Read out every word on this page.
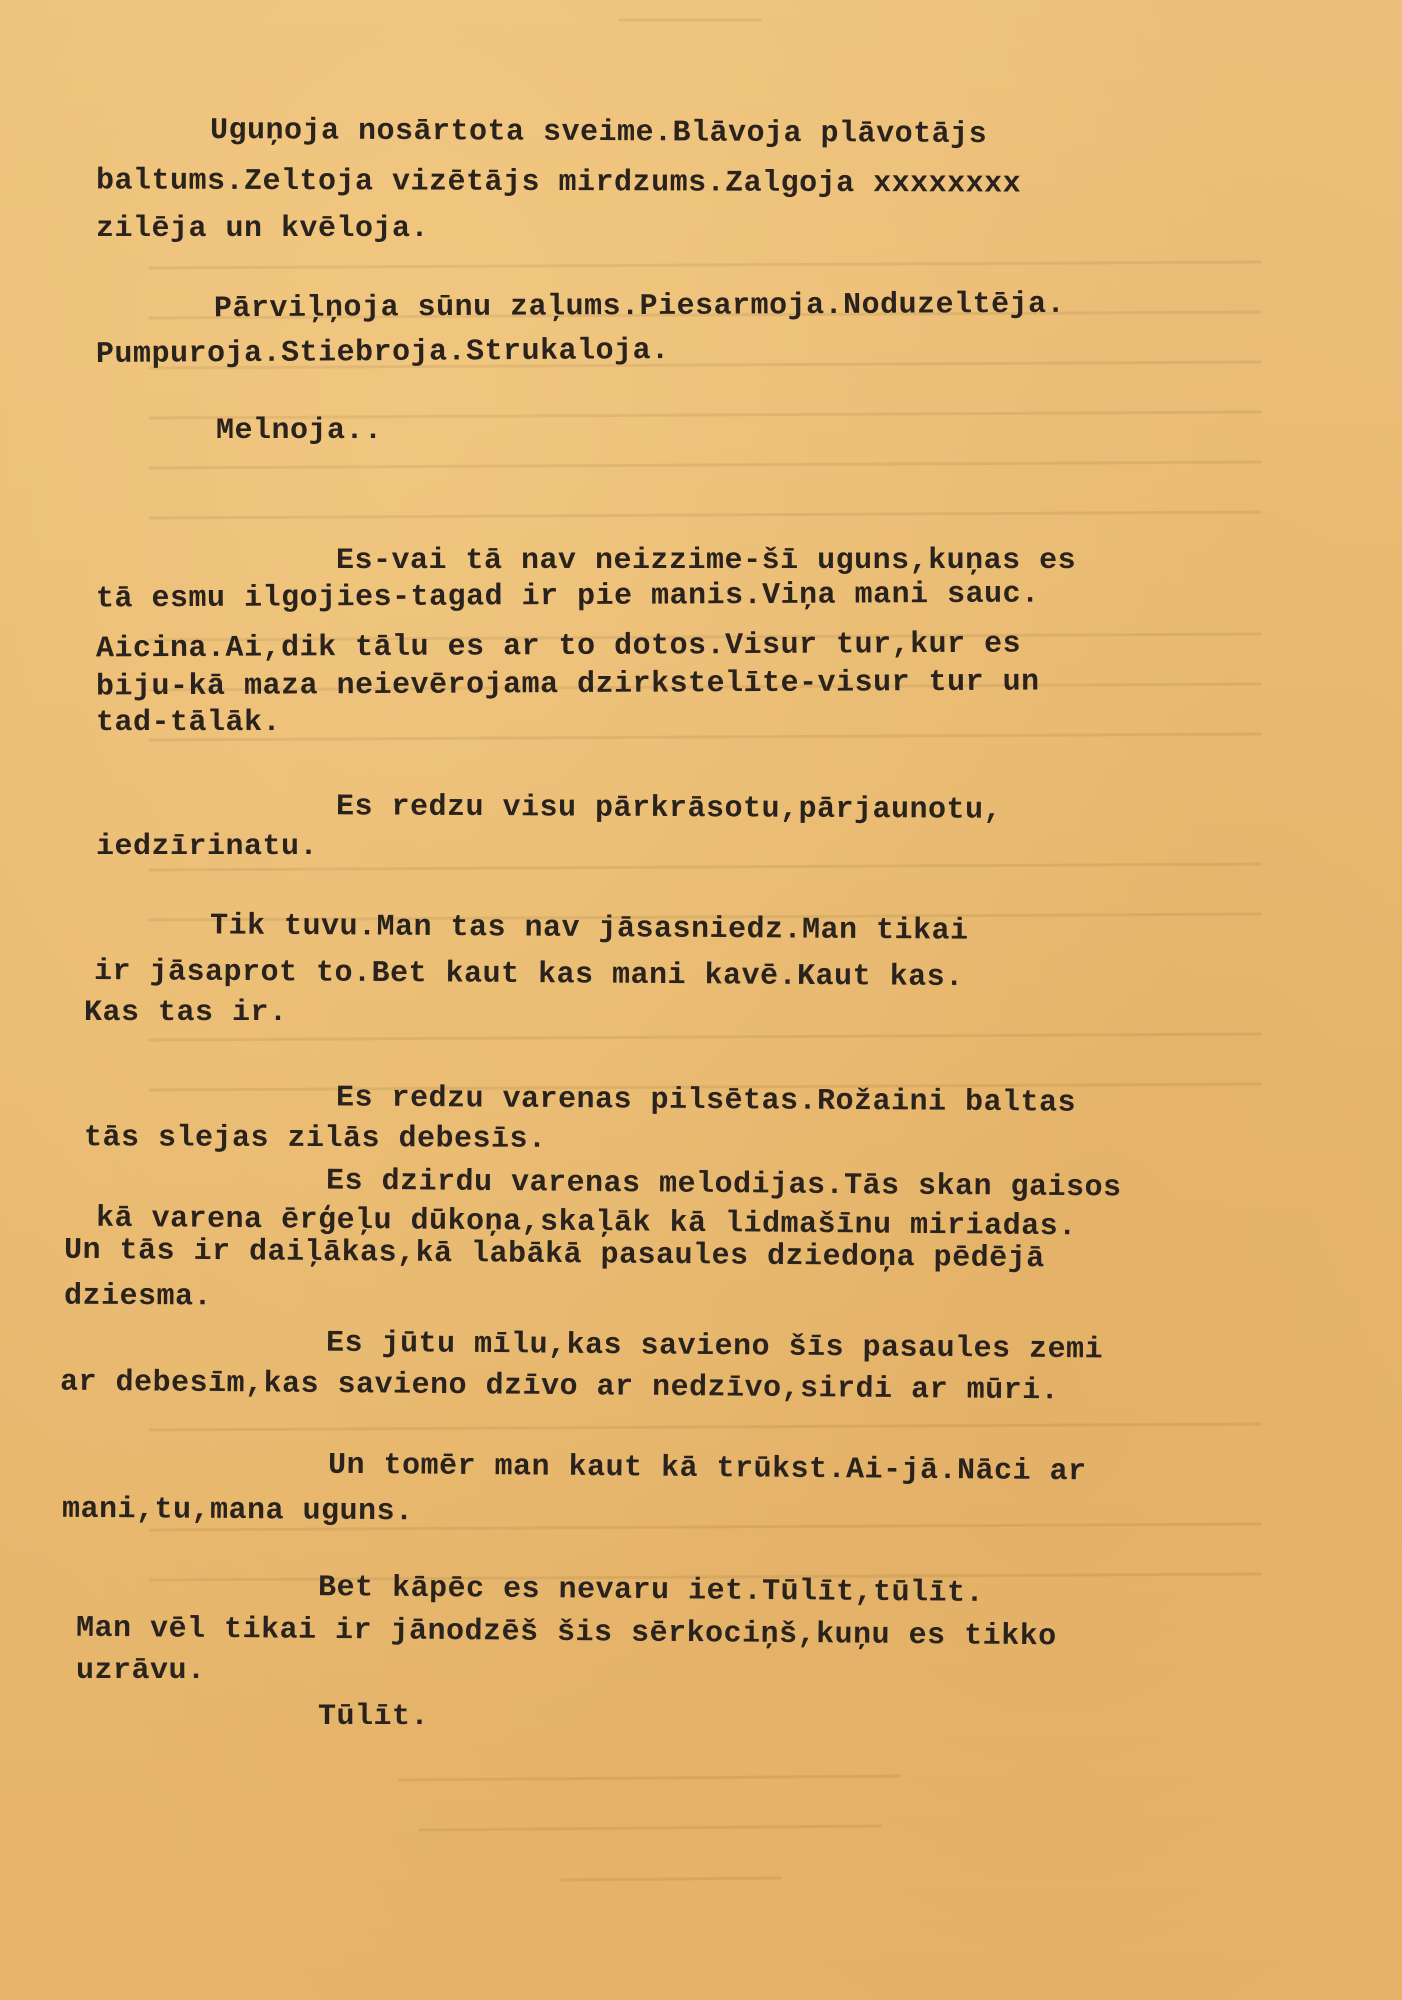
Uguņoja nosārtota sveime.Blāvoja plāvotājs

baltums.Zeltoja vizētājs mirdzums.Zalgoja xxxxxxxx

zilēja un kvēloja.

Pārviļņoja sūnu zaļums.Piesarmoja.Noduzeltēja.

Pumpuroja.Stiebroja.Strukaloja.

Melnoja..

Es-vai tā nav neizzime-šī uguns,kuņas es

tā esmu ilgojies-tagad ir pie manis.Viņa mani sauc.

Aicina.Ai,dik tālu es ar to dotos.Visur tur,kur es

biju-kā maza neievērojama dzirkstelīte-visur tur un

tad-tālāk.

Es redzu visu pārkrāsotu,pārjaunotu,

iedzīrinatu.

Tik tuvu.Man tas nav jāsasniedz.Man tikai

ir jāsaprot to.Bet kaut kas mani kavē.Kaut kas.

Kas tas ir.

Es redzu varenas pilsētas.Rožaini baltas

tās slejas zilās debesīs.

Es dzirdu varenas melodijas.Tās skan gaisos

kā varena ērģeļu dūkoņa,skaļāk kā lidmašīnu miriadas.

Un tās ir daiļākas,kā labākā pasaules dziedoņa pēdējā

dziesma.

Es jūtu mīlu,kas savieno šīs pasaules zemi

ar debesīm,kas savieno dzīvo ar nedzīvo,sirdi ar mūri.

Un tomēr man kaut kā trūkst.Ai-jā.Nāci ar

mani,tu,mana uguns.

Bet kāpēc es nevaru iet.Tūlīt,tūlīt.

Man vēl tikai ir jānodzēš šis sērkociņš,kuņu es tikko

uzrāvu.

Tūlīt.
